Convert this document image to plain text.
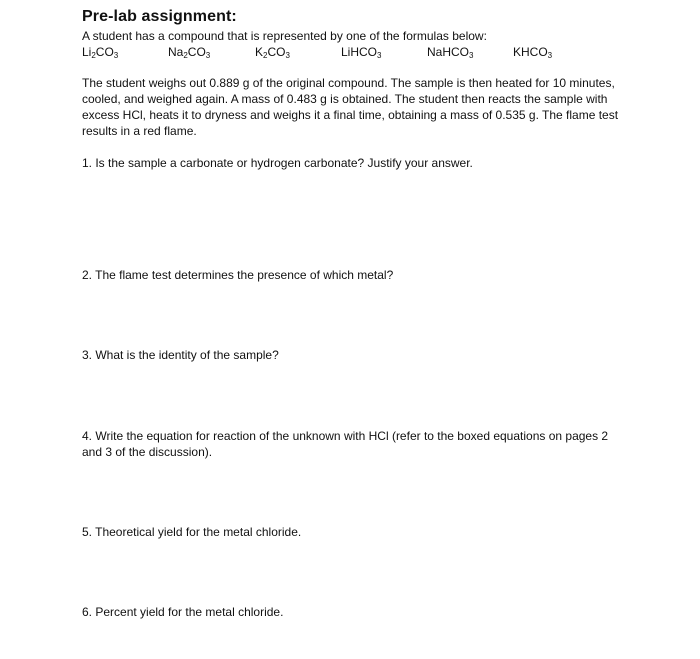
Pre-lab assignment:
A student has a compound that is represented by one of the formulas below:
$Li_2CO_3$	$Na_2CO_3$	$K_2CO_3$	LiHCO$_3$	NaHCO$_3$	$KHCO_3$
The student weighs out 0.889 g of the original compound. The sample is then heated for 10 minutes, cooled, and weighed again. A mass of 0.483 g is obtained. The student then reacts the sample with excess HCl, heats it to dryness and weighs it a final time, obtaining a mass of 0.535 g. The flame test results in a red flame.
1. Is the sample a carbonate or hydrogen carbonate? Justify your answer.
2. The flame test determines the presence of which metal?
3. What is the identity of the sample?
4. Write the equation for reaction of the unknown with HCl (refer to the boxed equations on pages 2 and 3 of the discussion).
5. Theoretical yield for the metal chloride.
6. Percent yield for the metal chloride.
